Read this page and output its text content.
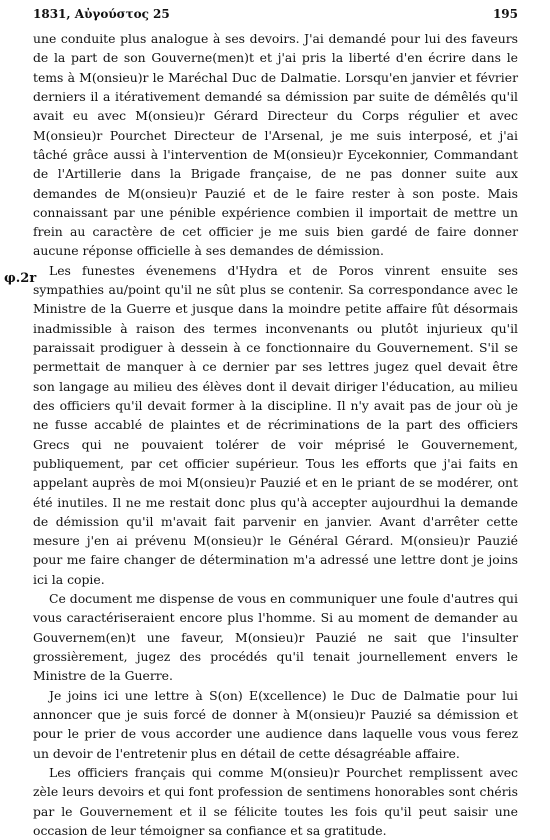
1831, Αὐγούστος 25	195
φ.2r

une conduite plus analogue à ses devoirs. J'ai demandé pour lui des faveurs de la part de son Gouverne(men)t et j'ai pris la liberté d'en écrire dans le tems à M(onsieu)r le Maréchal Duc de Dalmatie. Lorsqu'en janvier et février derniers il a itérativement demandé sa démission par suite de démêlés qu'il avait eu avec M(onsieu)r Gérard Directeur du Corps régulier et avec M(onsieu)r Pourchet Directeur de l'Arsenal, je me suis interposé, et j'ai tâché grâce aussi à l'intervention de M(onsieu)r Eycekonnier, Commandant de l'Artillerie dans la Brigade française, de ne pas donner suite aux demandes de M(onsieu)r Pauzié et de le faire rester à son poste. Mais connaissant par une pénible expérience combien il importait de mettre un frein au caractère de cet officier je me suis bien gardé de faire donner aucune réponse officielle à ses demandes de démission.

Les funestes évenemens d'Hydra et de Poros vinrent ensuite ses sympathies au/point qu'il ne sût plus se contenir. Sa correspondance avec le Ministre de la Guerre et jusque dans la moindre petite affaire fût désormais inadmissible à raison des termes inconvenants ou plutôt injurieux qu'il paraissait prodiguer à dessein à ce fonctionnaire du Gouvernement. S'il se permettait de manquer à ce dernier par ses lettres jugez quel devait être son langage au milieu des élèves dont il devait diriger l'éducation, au milieu des officiers qu'il devait former à la discipline. Il n'y avait pas de jour où je ne fusse accablé de plaintes et de récriminations de la part des officiers Grecs qui ne pouvaient tolérer de voir méprisé le Gouvernement, publiquement, par cet officier supérieur. Tous les efforts que j'ai faits en appelant auprès de moi M(onsieu)r Pauzié et en le priant de se modérer, ont été inutiles. Il ne me restait donc plus qu'à accepter aujourdhui la demande de démission qu'il m'avait fait parvenir en janvier. Avant d'arrêter cette mesure j'en ai prévenu M(onsieu)r le Général Gérard. M(onsieu)r Pauzié pour me faire changer de détermination m'a adressé une lettre dont je joins ici la copie.

Ce document me dispense de vous en communiquer une foule d'autres qui vous caractériseraient encore plus l'homme. Si au moment de demander au Gouvernem(en)t une faveur, M(onsieu)r Pauzié ne sait que l'insulter grossièrement, jugez des procédés qu'il tenait journellement envers le Ministre de la Guerre.

Je joins ici une lettre à S(on) E(xcellence) le Duc de Dalmatie pour lui annoncer que je suis forcé de donner à M(onsieu)r Pauzié sa démission et pour le prier de vous accorder une audience dans laquelle vous vous ferez un devoir de l'entretenir plus en détail de cette désagréable affaire.

Les officiers français qui comme M(onsieu)r Pourchet remplissent avec zèle leurs devoirs et qui font profession de sentimens honorables sont chéris par le Gouvernement et il se félicite toutes les fois qu'il peut saisir une occasion de leur témoigner sa confiance et sa gratitude.
